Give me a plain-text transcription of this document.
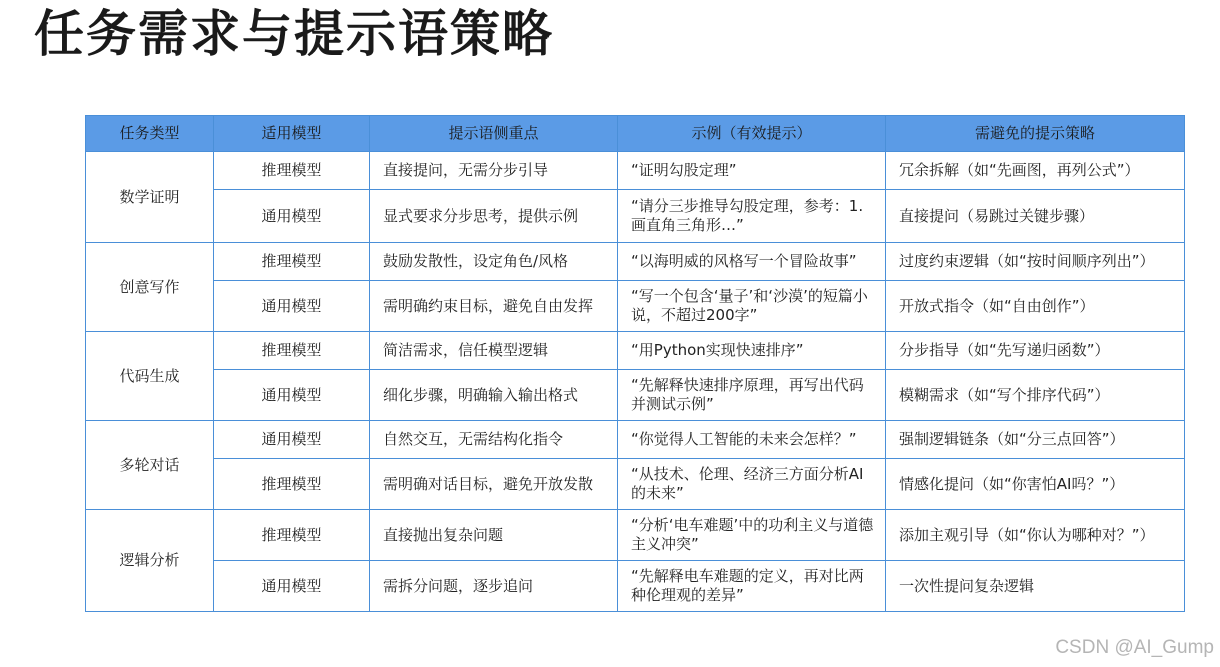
任务需求与提示语策略
任务类型	适用模型	提示语侧重点	示例（有效提示）	需避免的提示策略
数学证明	推理模型	直接提问，无需分步引导	“证明勾股定理”	冗余拆解（如“先画图，再列公式”）
	通用模型	显式要求分步思考，提供示例	“请分三步推导勾股定理，参考：1. 画直角三角形…”	直接提问（易跳过关键步骤）
创意写作	推理模型	鼓励发散性，设定角色/风格	“以海明威的风格写一个冒险故事”	过度约束逻辑（如“按时间顺序列出”）
	通用模型	需明确约束目标，避免自由发挥	“写一个包含‘量子’和‘沙漠’的短篇小说，不超过200字”	开放式指令（如“自由创作”）
代码生成	推理模型	简洁需求，信任模型逻辑	“用Python实现快速排序”	分步指导（如“先写递归函数”）
	通用模型	细化步骤，明确输入输出格式	“先解释快速排序原理，再写出代码并测试示例”	模糊需求（如“写个排序代码”）
多轮对话	通用模型	自然交互，无需结构化指令	“你觉得人工智能的未来会怎样？”	强制逻辑链条（如“分三点回答”）
	推理模型	需明确对话目标，避免开放发散	“从技术、伦理、经济三方面分析AI的未来”	情感化提问（如“你害怕AI吗？”）
逻辑分析	推理模型	直接抛出复杂问题	“分析‘电车难题’中的功利主义与道德主义冲突”	添加主观引导（如“你认为哪种对？”）
	通用模型	需拆分问题，逐步追问	“先解释电车难题的定义，再对比两种伦理观的差异”	一次性提问复杂逻辑
CSDN @AI_Gump
